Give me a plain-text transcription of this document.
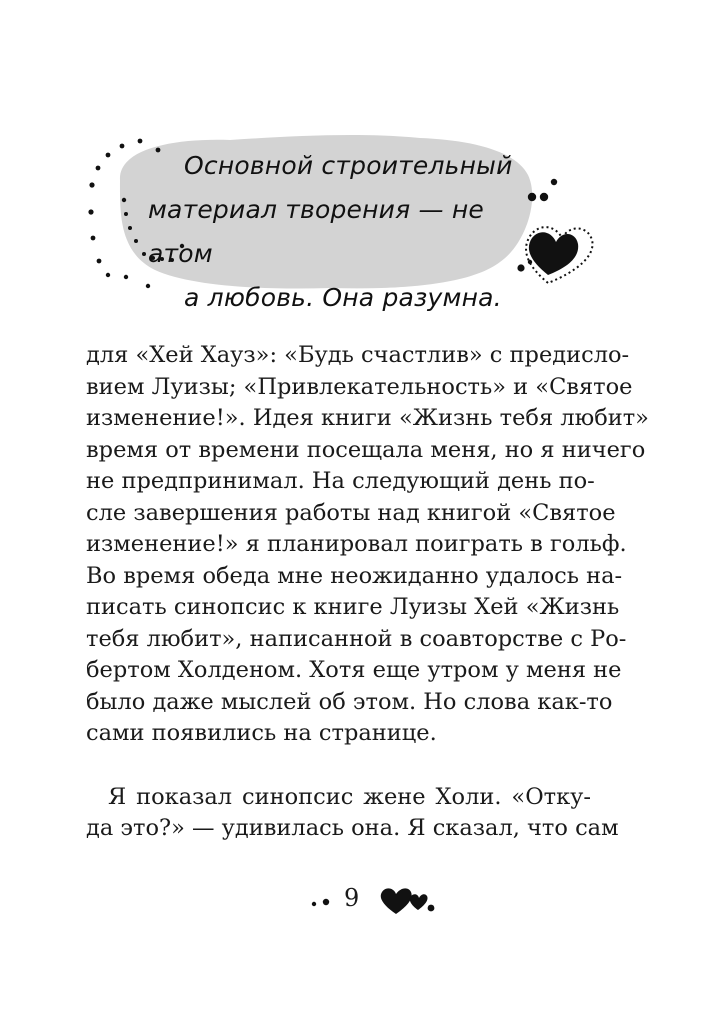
Основной строительный
материал творения — не атом
а любовь. Она разумна.

для «Хей Хауз»: «Будь счастлив» с предисло-
вием Луизы; «Привлекательность» и «Святое
изменение!». Идея книги «Жизнь тебя любит»
время от времени посещала меня, но я ничего
не предпринимал. На следующий день по-
сле завершения работы над книгой «Святое
изменение!» я планировал поиграть в гольф.
Во время обеда мне неожиданно удалось на-
писать синопсис к книге Луизы Хей «Жизнь
тебя любит», написанной в соавторстве с Ро-
бертом Холденом. Хотя еще утром у меня не
было даже мыслей об этом. Но слова как-то
сами появились на странице.

Я показал синопсис жене Холи. «Отку-
да это?» — удивилась она. Я сказал, что сам

9
